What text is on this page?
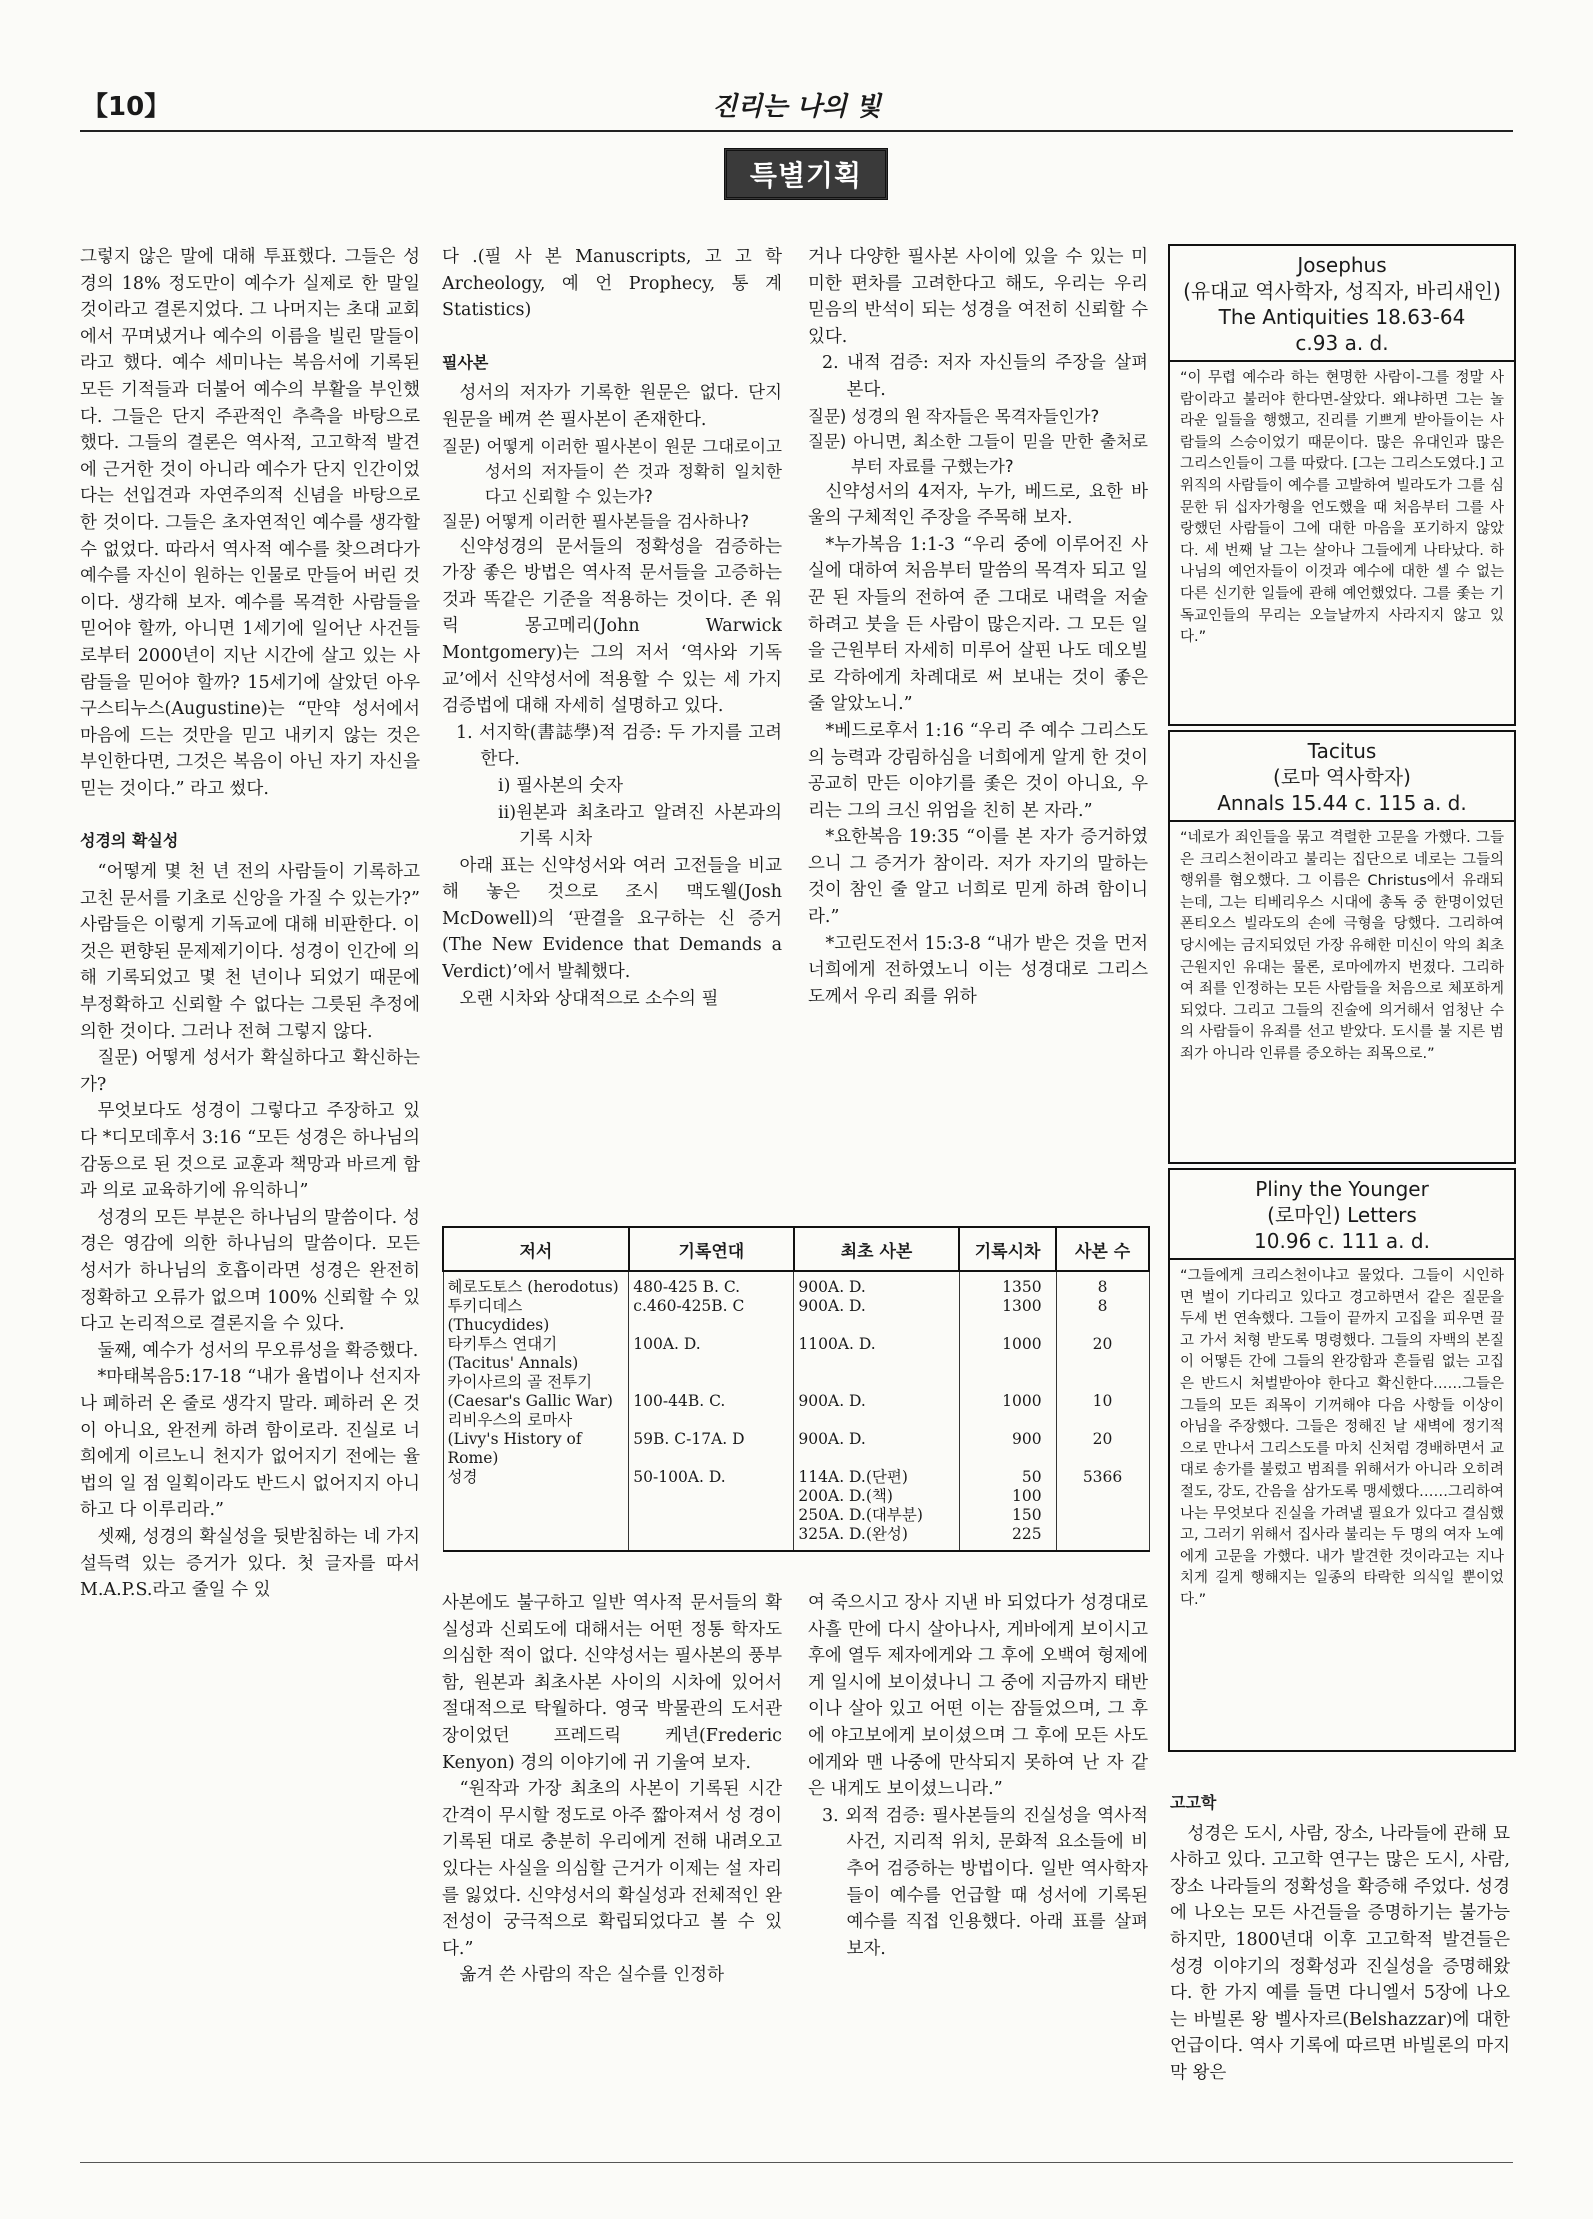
【10】	진리는 나의 빛
특별기획

그렇지 않은 말에 대해 투표했다. 그들은 성경의 18% 정도만이 예수가 실제로 한 말일 것이라고 결론지었다. 그 나머지는 초대 교회에서 꾸며냈거나 예수의 이름을 빌린 말들이라고 했다. 예수 세미나는 복음서에 기록된 모든 기적들과 더불어 예수의 부활을 부인했다. 그들은 단지 주관적인 추측을 바탕으로 했다. 그들의 결론은 역사적, 고고학적 발견에 근거한 것이 아니라 예수가 단지 인간이었다는 선입견과 자연주의적 신념을 바탕으로 한 것이다. 그들은 초자연적인 예수를 생각할 수 없었다. 따라서 역사적 예수를 찾으려다가 예수를 자신이 원하는 인물로 만들어 버린 것이다. 생각해 보자. 예수를 목격한 사람들을 믿어야 할까, 아니면 1세기에 일어난 사건들로부터 2000년이 지난 시간에 살고 있는 사람들을 믿어야 할까? 15세기에 살았던 아우구스티누스(Augustine)는 “만약 성서에서 마음에 드는 것만을 믿고 내키지 않는 것은 부인한다면, 그것은 복음이 아닌 자기 자신을 믿는 것이다.” 라고 썼다.

성경의 확실성

“어떻게 몇 천 년 전의 사람들이 기록하고 고친 문서를 기초로 신앙을 가질 수 있는가?” 사람들은 이렇게 기독교에 대해 비판한다. 이것은 편향된 문제제기이다. 성경이 인간에 의해 기록되었고 몇 천 년이나 되었기 때문에 부정확하고 신뢰할 수 없다는 그릇된 추정에 의한 것이다. 그러나 전혀 그렇지 않다.

질문) 어떻게 성서가 확실하다고 확신하는가?

무엇보다도 성경이 그렇다고 주장하고 있다 *디모데후서 3:16 “모든 성경은 하나님의 감동으로 된 것으로 교훈과 책망과 바르게 함과 의로 교육하기에 유익하니”

성경의 모든 부분은 하나님의 말씀이다. 성경은 영감에 의한 하나님의 말씀이다. 모든 성서가 하나님의 호흡이라면 성경은 완전히 정확하고 오류가 없으며 100% 신뢰할 수 있다고 논리적으로 결론지을 수 있다.

둘째, 예수가 성서의 무오류성을 확증했다.

*마태복음5:17-18 “내가 율법이나 선지자나 폐하러 온 줄로 생각지 말라. 폐하러 온 것이 아니요, 완전케 하려 함이로라. 진실로 너희에게 이르노니 천지가 없어지기 전에는 율법의 일 점 일획이라도 반드시 없어지지 아니하고 다 이루리라.”

셋째, 성경의 확실성을 뒷받침하는 네 가지 설득력 있는 증거가 있다. 첫 글자를 따서 M.A.P.S.라고 줄일 수 있

다 .(필 사 본 Manuscripts, 고 고 학 Archeology, 예 언 Prophecy, 통 계 Statistics)

필사본

성서의 저자가 기록한 원문은 없다. 단지 원문을 베껴 쓴 필사본이 존재한다.

질문) 어떻게 이러한 필사본이 원문 그대로이고 성서의 저자들이 쓴 것과 정확히 일치한다고 신뢰할 수 있는가?

질문) 어떻게 이러한 필사본들을 검사하나?

신약성경의 문서들의 정확성을 검증하는 가장 좋은 방법은 역사적 문서들을 고증하는 것과 똑같은 기준을 적용하는 것이다. 존 워릭 몽고메리(John Warwick Montgomery)는 그의 저서 ‘역사와 기독교’에서 신약성서에 적용할 수 있는 세 가지 검증법에 대해 자세히 설명하고 있다.

1. 서지학(書誌學)적 검증: 두 가지를 고려한다.

i) 필사본의 숫자

ii)원본과 최초라고 알려진 사본과의 기록 시차

아래 표는 신약성서와 여러 고전들을 비교해 놓은 것으로 조시 맥도웰(Josh McDowell)의 ‘판결을 요구하는 신 증거(The New Evidence that Demands a Verdict)’에서 발췌했다.

오랜 시차와 상대적으로 소수의 필

거나 다양한 필사본 사이에 있을 수 있는 미미한 편차를 고려한다고 해도, 우리는 우리 믿음의 반석이 되는 성경을 여전히 신뢰할 수 있다.

2. 내적 검증: 저자 자신들의 주장을 살펴본다.

질문) 성경의 원 작자들은 목격자들인가?

질문) 아니면, 최소한 그들이 믿을 만한 출처로부터 자료를 구했는가?

신약성서의 4저자, 누가, 베드로, 요한 바울의 구체적인 주장을 주목해 보자.

*누가복음 1:1-3 “우리 중에 이루어진 사실에 대하여 처음부터 말씀의 목격자 되고 일꾼 된 자들의 전하여 준 그대로 내력을 저술하려고 붓을 든 사람이 많은지라. 그 모든 일을 근원부터 자세히 미루어 살핀 나도 데오빌로 각하에게 차례대로 써 보내는 것이 좋은 줄 알았노니.”

*베드로후서 1:16 “우리 주 예수 그리스도의 능력과 강림하심을 너희에게 알게 한 것이 공교히 만든 이야기를 좇은 것이 아니요, 우리는 그의 크신 위엄을 친히 본 자라.”

*요한복음 19:35 “이를 본 자가 증거하였으니 그 증거가 참이라. 저가 자기의 말하는 것이 참인 줄 알고 너희로 믿게 하려 함이니라.”

*고린도전서 15:3-8 “내가 받은 것을 먼저 너희에게 전하였노니 이는 성경대로 그리스도께서 우리 죄를 위하

저서	기록연대	최초 사본	기록시차	사본 수
헤로도토스 (herodotus)	480-425 B. C.	900A. D.	1350	8
투키디데스 (Thucydides)	c.460-425B. C	900A. D.	1300	8
타키투스 연대기	100A. D.	1100A. D.	1000	20
(Tacitus' Annals)				
카이사르의 골 전투기				
(Caesar's Gallic War)	100-44B. C.	900A. D.	1000	10
리비우스의 로마사				
(Livy's History of Rome)	59B. C-17A. D	900A. D.	900	20
성경	50-100A. D.	114A. D.(단편)	50	5366
		200A. D.(책)	100	
		250A. D.(대부분)	150	
		325A. D.(완성)	225	

사본에도 불구하고 일반 역사적 문서들의 확실성과 신뢰도에 대해서는 어떤 정통 학자도 의심한 적이 없다. 신약성서는 필사본의 풍부함, 원본과 최초사본 사이의 시차에 있어서 절대적으로 탁월하다. 영국 박물관의 도서관장이었던 프레드릭 케년(Frederic Kenyon) 경의 이야기에 귀 기울여 보자.

“원작과 가장 최초의 사본이 기록된 시간 간격이 무시할 정도로 아주 짧아져서 성 경이 기록된 대로 충분히 우리에게 전해 내려오고 있다는 사실을 의심할 근거가 이제는 설 자리를 잃었다. 신약성서의 확실성과 전체적인 완전성이 궁극적으로 확립되었다고 볼 수 있다.”

옮겨 쓴 사람의 작은 실수를 인정하

여 죽으시고 장사 지낸 바 되었다가 성경대로 사흘 만에 다시 살아나사, 게바에게 보이시고 후에 열두 제자에게와 그 후에 오백여 형제에게 일시에 보이셨나니 그 중에 지금까지 태반이나 살아 있고 어떤 이는 잠들었으며, 그 후에 야고보에게 보이셨으며 그 후에 모든 사도에게와 맨 나중에 만삭되지 못하여 난 자 같은 내게도 보이셨느니라.”

3. 외적 검증: 필사본들의 진실성을 역사적 사건, 지리적 위치, 문화적 요소들에 비추어 검증하는 방법이다. 일반 역사학자들이 예수를 언급할 때 성서에 기록된 예수를 직접 인용했다. 아래 표를 살펴보자.

Josephus
(유대교 역사학자, 성직자, 바리새인)
The Antiquities 18.63-64
c.93 a. d.
“이 무렵 예수라 하는 현명한 사람이-그를 정말 사람이라고 불러야 한다면-살았다. 왜냐하면 그는 놀라운 일들을 행했고, 진리를 기쁘게 받아들이는 사람들의 스승이었기 때문이다. 많은 유대인과 많은 그리스인들이 그를 따랐다. [그는 그리스도였다.] 고위직의 사람들이 예수를 고발하여 빌라도가 그를 심문한 뒤 십자가형을 언도했을 때 처음부터 그를 사랑했던 사람들이 그에 대한 마음을 포기하지 않았다. 세 번째 날 그는 살아나 그들에게 나타났다. 하나님의 예언자들이 이것과 예수에 대한 셀 수 없는 다른 신기한 일들에 관해 예언했었다. 그를 좇는 기독교인들의 무리는 오늘날까지 사라지지 않고 있다.”
Tacitus
(로마 역사학자)
Annals 15.44 c. 115 a. d.
“네로가 죄인들을 묶고 격렬한 고문을 가했다. 그들은 크리스천이라고 불리는 집단으로 네로는 그들의 행위를 혐오했다. 그 이름은 Christus에서 유래되는데, 그는 티베리우스 시대에 총독 중 한명이었던 폰티오스 빌라도의 손에 극형을 당했다. 그리하여 당시에는 금지되었던 가장 유해한 미신이 악의 최초 근원지인 유대는 물론, 로마에까지 번졌다. 그리하여 죄를 인정하는 모든 사람들을 처음으로 체포하게 되었다. 그리고 그들의 진술에 의거해서 엄청난 수의 사람들이 유죄를 선고 받았다. 도시를 불 지른 범죄가 아니라 인류를 증오하는 죄목으로.”
Pliny the Younger
(로마인) Letters
10.96 c. 111 a. d.
“그들에게 크리스천이냐고 물었다. 그들이 시인하면 벌이 기다리고 있다고 경고하면서 같은 질문을 두세 번 연속했다. 그들이 끝까지 고집을 피우면 끌고 가서 처형 받도록 명령했다. 그들의 자백의 본질이 어떻든 간에 그들의 완강함과 흔들림 없는 고집은 반드시 처벌받아야 한다고 확신한다……그들은 그들의 모든 죄목이 기꺼해야 다음 사항들 이상이 아님을 주장했다. 그들은 정해진 날 새벽에 정기적으로 만나서 그리스도를 마치 신처럼 경배하면서 교대로 송가를 불렀고 범죄를 위해서가 아니라 오히려 절도, 강도, 간음을 삼가도록 맹세했다……그리하여 나는 무엇보다 진실을 가려낼 필요가 있다고 결심했고, 그러기 위해서 집사라 불리는 두 명의 여자 노예에게 고문을 가했다. 내가 발견한 것이라고는 지나치게 길게 행해지는 일종의 타락한 의식일 뿐이었다.”

고고학

성경은 도시, 사람, 장소, 나라들에 관해 묘사하고 있다. 고고학 연구는 많은 도시, 사람, 장소 나라들의 정확성을 확증해 주었다. 성경에 나오는 모든 사건들을 증명하기는 불가능하지만, 1800년대 이후 고고학적 발견들은 성경 이야기의 정확성과 진실성을 증명해왔다. 한 가지 예를 들면 다니엘서 5장에 나오는 바빌론 왕 벨사자르(Belshazzar)에 대한 언급이다. 역사 기록에 따르면 바빌론의 마지막 왕은
